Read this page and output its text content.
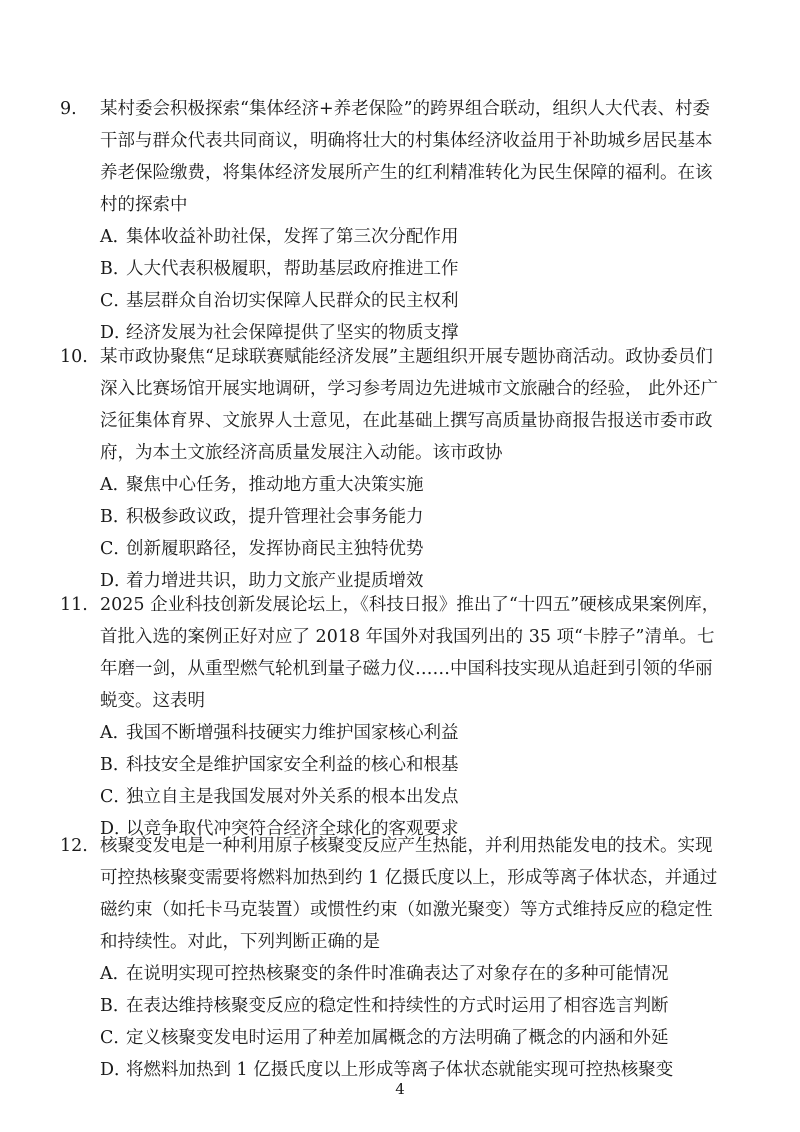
9.	某村委会积极探索“集体经济+养老保险”的跨界组合联动，组织人大代表、村委干部与群众代表共同商议，明确将壮大的村集体经济收益用于补助城乡居民基本养老保险缴费，将集体经济发展所产生的红利精准转化为民生保障的福利。在该村的探索中
A．集体收益补助社保，发挥了第三次分配作用
B．人大代表积极履职，帮助基层政府推进工作
C．基层群众自治切实保障人民群众的民主权利
D．经济发展为社会保障提供了坚实的物质支撑
10. 某市政协聚焦“足球联赛赋能经济发展”主题组织开展专题协商活动。政协委员们深入比赛场馆开展实地调研，学习参考周边先进城市文旅融合的经验， 此外还广泛征集体育界、文旅界人士意见，在此基础上撰写高质量协商报告报送市委市政府，为本土文旅经济高质量发展注入动能。该市政协
A．聚焦中心任务，推动地方重大决策实施
B．积极参政议政，提升管理社会事务能力
C．创新履职路径，发挥协商民主独特优势
D．着力增进共识，助力文旅产业提质增效
11. 2025 企业科技创新发展论坛上，《科技日报》推出了“十四五”硬核成果案例库，首批入选的案例正好对应了 2018 年国外对我国列出的 35 项“卡脖子”清单。七年磨一剑，从重型燃气轮机到量子磁力仪……中国科技实现从追赶到引领的华丽蜕变。这表明
A．我国不断增强科技硬实力维护国家核心利益
B．科技安全是维护国家安全利益的核心和根基
C．独立自主是我国发展对外关系的根本出发点
D．以竞争取代冲突符合经济全球化的客观要求
12. 核聚变发电是一种利用原子核聚变反应产生热能，并利用热能发电的技术。实现可控热核聚变需要将燃料加热到约 1 亿摄氏度以上，形成等离子体状态，并通过磁约束（如托卡马克装置）或惯性约束（如激光聚变）等方式维持反应的稳定性和持续性。对此，下列判断正确的是
A．在说明实现可控热核聚变的条件时准确表达了对象存在的多种可能情况
B．在表达维持核聚变反应的稳定性和持续性的方式时运用了相容选言判断
C．定义核聚变发电时运用了种差加属概念的方法明确了概念的内涵和外延
D．将燃料加热到 1 亿摄氏度以上形成等离子体状态就能实现可控热核聚变
4
